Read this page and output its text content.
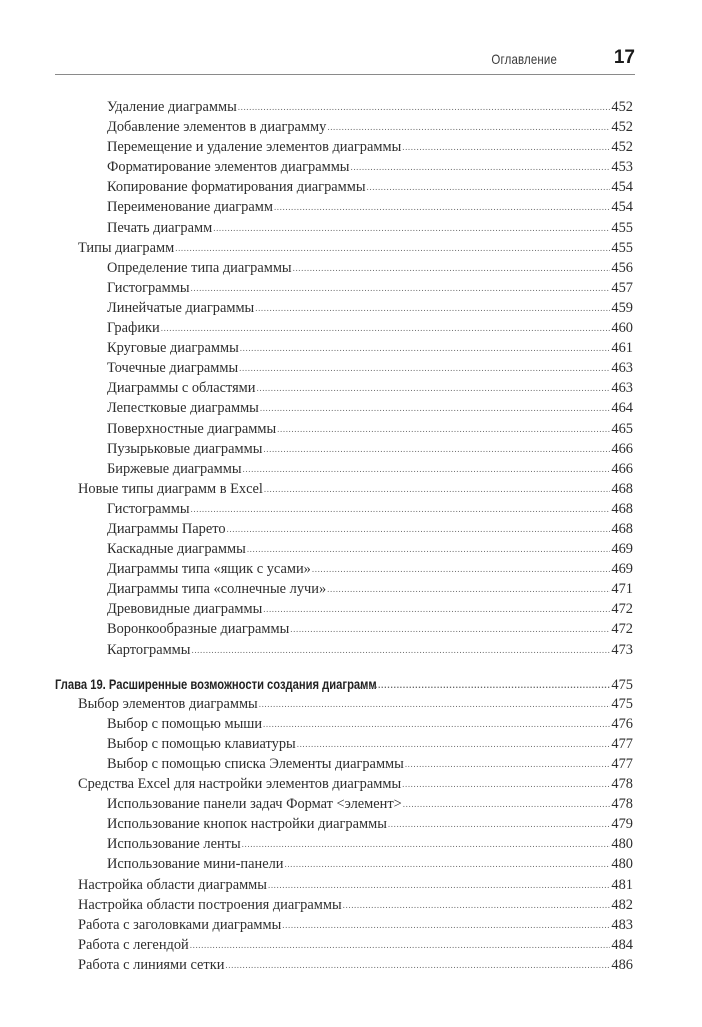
Оглавление	17
Удаление диаграммы .....	452
Добавление элементов в диаграмму .....	452
Перемещение и удаление элементов диаграммы .....	452
Форматирование элементов диаграммы .....	453
Копирование форматирования диаграммы .....	454
Переименование диаграмм .....	454
Печать диаграмм .....	455
Типы диаграмм .....	455
Определение типа диаграммы .....	456
Гистограммы .....	457
Линейчатые диаграммы .....	459
Графики .....	460
Круговые диаграммы .....	461
Точечные диаграммы .....	463
Диаграммы с областями .....	463
Лепестковые диаграммы .....	464
Поверхностные диаграммы .....	465
Пузырьковые диаграммы .....	466
Биржевые диаграммы .....	466
Новые типы диаграмм в Excel .....	468
Гистограммы .....	468
Диаграммы Парето .....	468
Каскадные диаграммы .....	469
Диаграммы типа «ящик с усами» .....	469
Диаграммы типа «солнечные лучи» .....	471
Древовидные диаграммы .....	472
Воронкообразные диаграммы .....	472
Картограммы .....	473
Глава 19. Расширенные возможности создания диаграмм .....	475
Выбор элементов диаграммы .....	475
Выбор с помощью мыши .....	476
Выбор с помощью клавиатуры .....	477
Выбор с помощью списка Элементы диаграммы .....	477
Средства Excel для настройки элементов диаграммы .....	478
Использование панели задач Формат <элемент> .....	478
Использование кнопок настройки диаграммы .....	479
Использование ленты .....	480
Использование мини-панели .....	480
Настройка области диаграммы .....	481
Настройка области построения диаграммы .....	482
Работа с заголовками диаграммы .....	483
Работа с легендой .....	484
Работа с линиями сетки .....	486
